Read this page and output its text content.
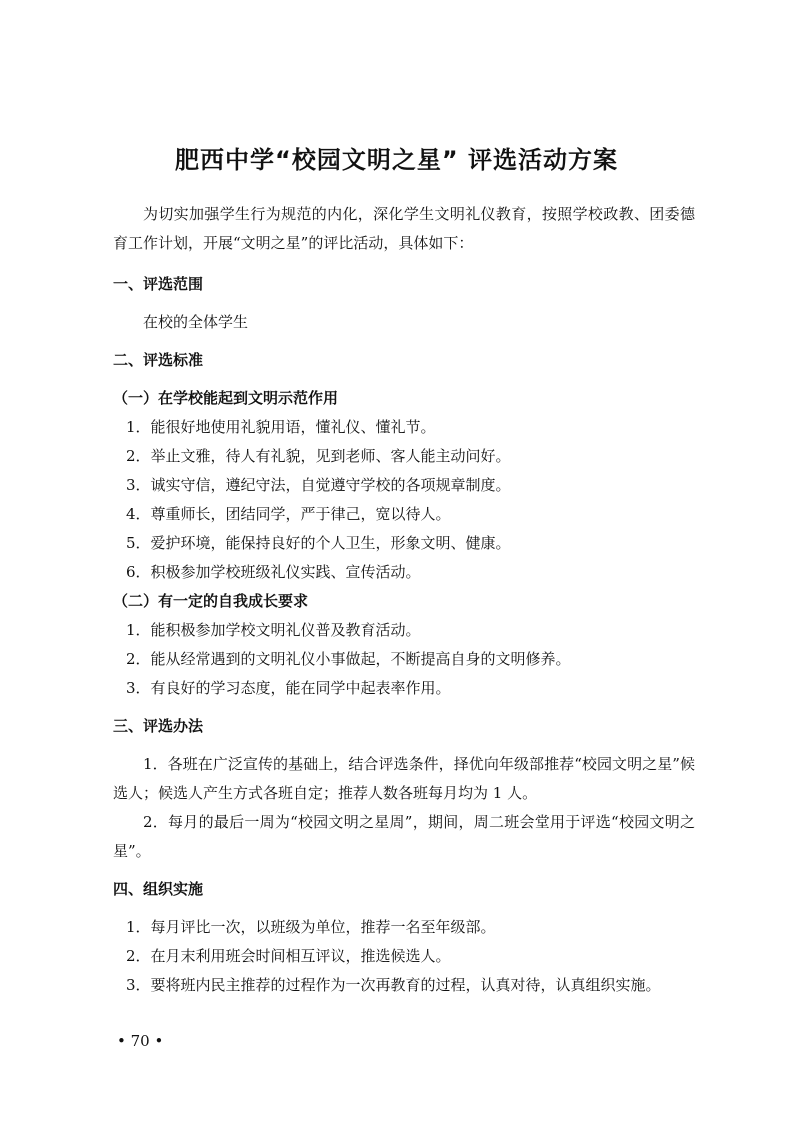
肥西中学“校园文明之星” 评选活动方案

为切实加强学生行为规范的内化，深化学生文明礼仪教育，按照学校政教、团委德育工作计划，开展“文明之星”的评比活动，具体如下：

一、评选范围

在校的全体学生

二、评选标准

（一）在学校能起到文明示范作用

1．能很好地使用礼貌用语，懂礼仪、懂礼节。

2．举止文雅，待人有礼貌，见到老师、客人能主动问好。

3．诚实守信，遵纪守法，自觉遵守学校的各项规章制度。

4．尊重师长，团结同学，严于律己，宽以待人。

5．爱护环境，能保持良好的个人卫生，形象文明、健康。

6．积极参加学校班级礼仪实践、宣传活动。

（二）有一定的自我成长要求

1．能积极参加学校文明礼仪普及教育活动。

2．能从经常遇到的文明礼仪小事做起，不断提高自身的文明修养。

3．有良好的学习态度，能在同学中起表率作用。

三、评选办法

1．各班在广泛宣传的基础上，结合评选条件，择优向年级部推荐“校园文明之星”候选人；候选人产生方式各班自定；推荐人数各班每月均为 1 人。

2．每月的最后一周为“校园文明之星周”，期间，周二班会堂用于评选“校园文明之星”。

四、组织实施

1．每月评比一次，以班级为单位，推荐一名至年级部。

2．在月末利用班会时间相互评议，推选候选人。

3．要将班内民主推荐的过程作为一次再教育的过程，认真对待，认真组织实施。

• 70 •
